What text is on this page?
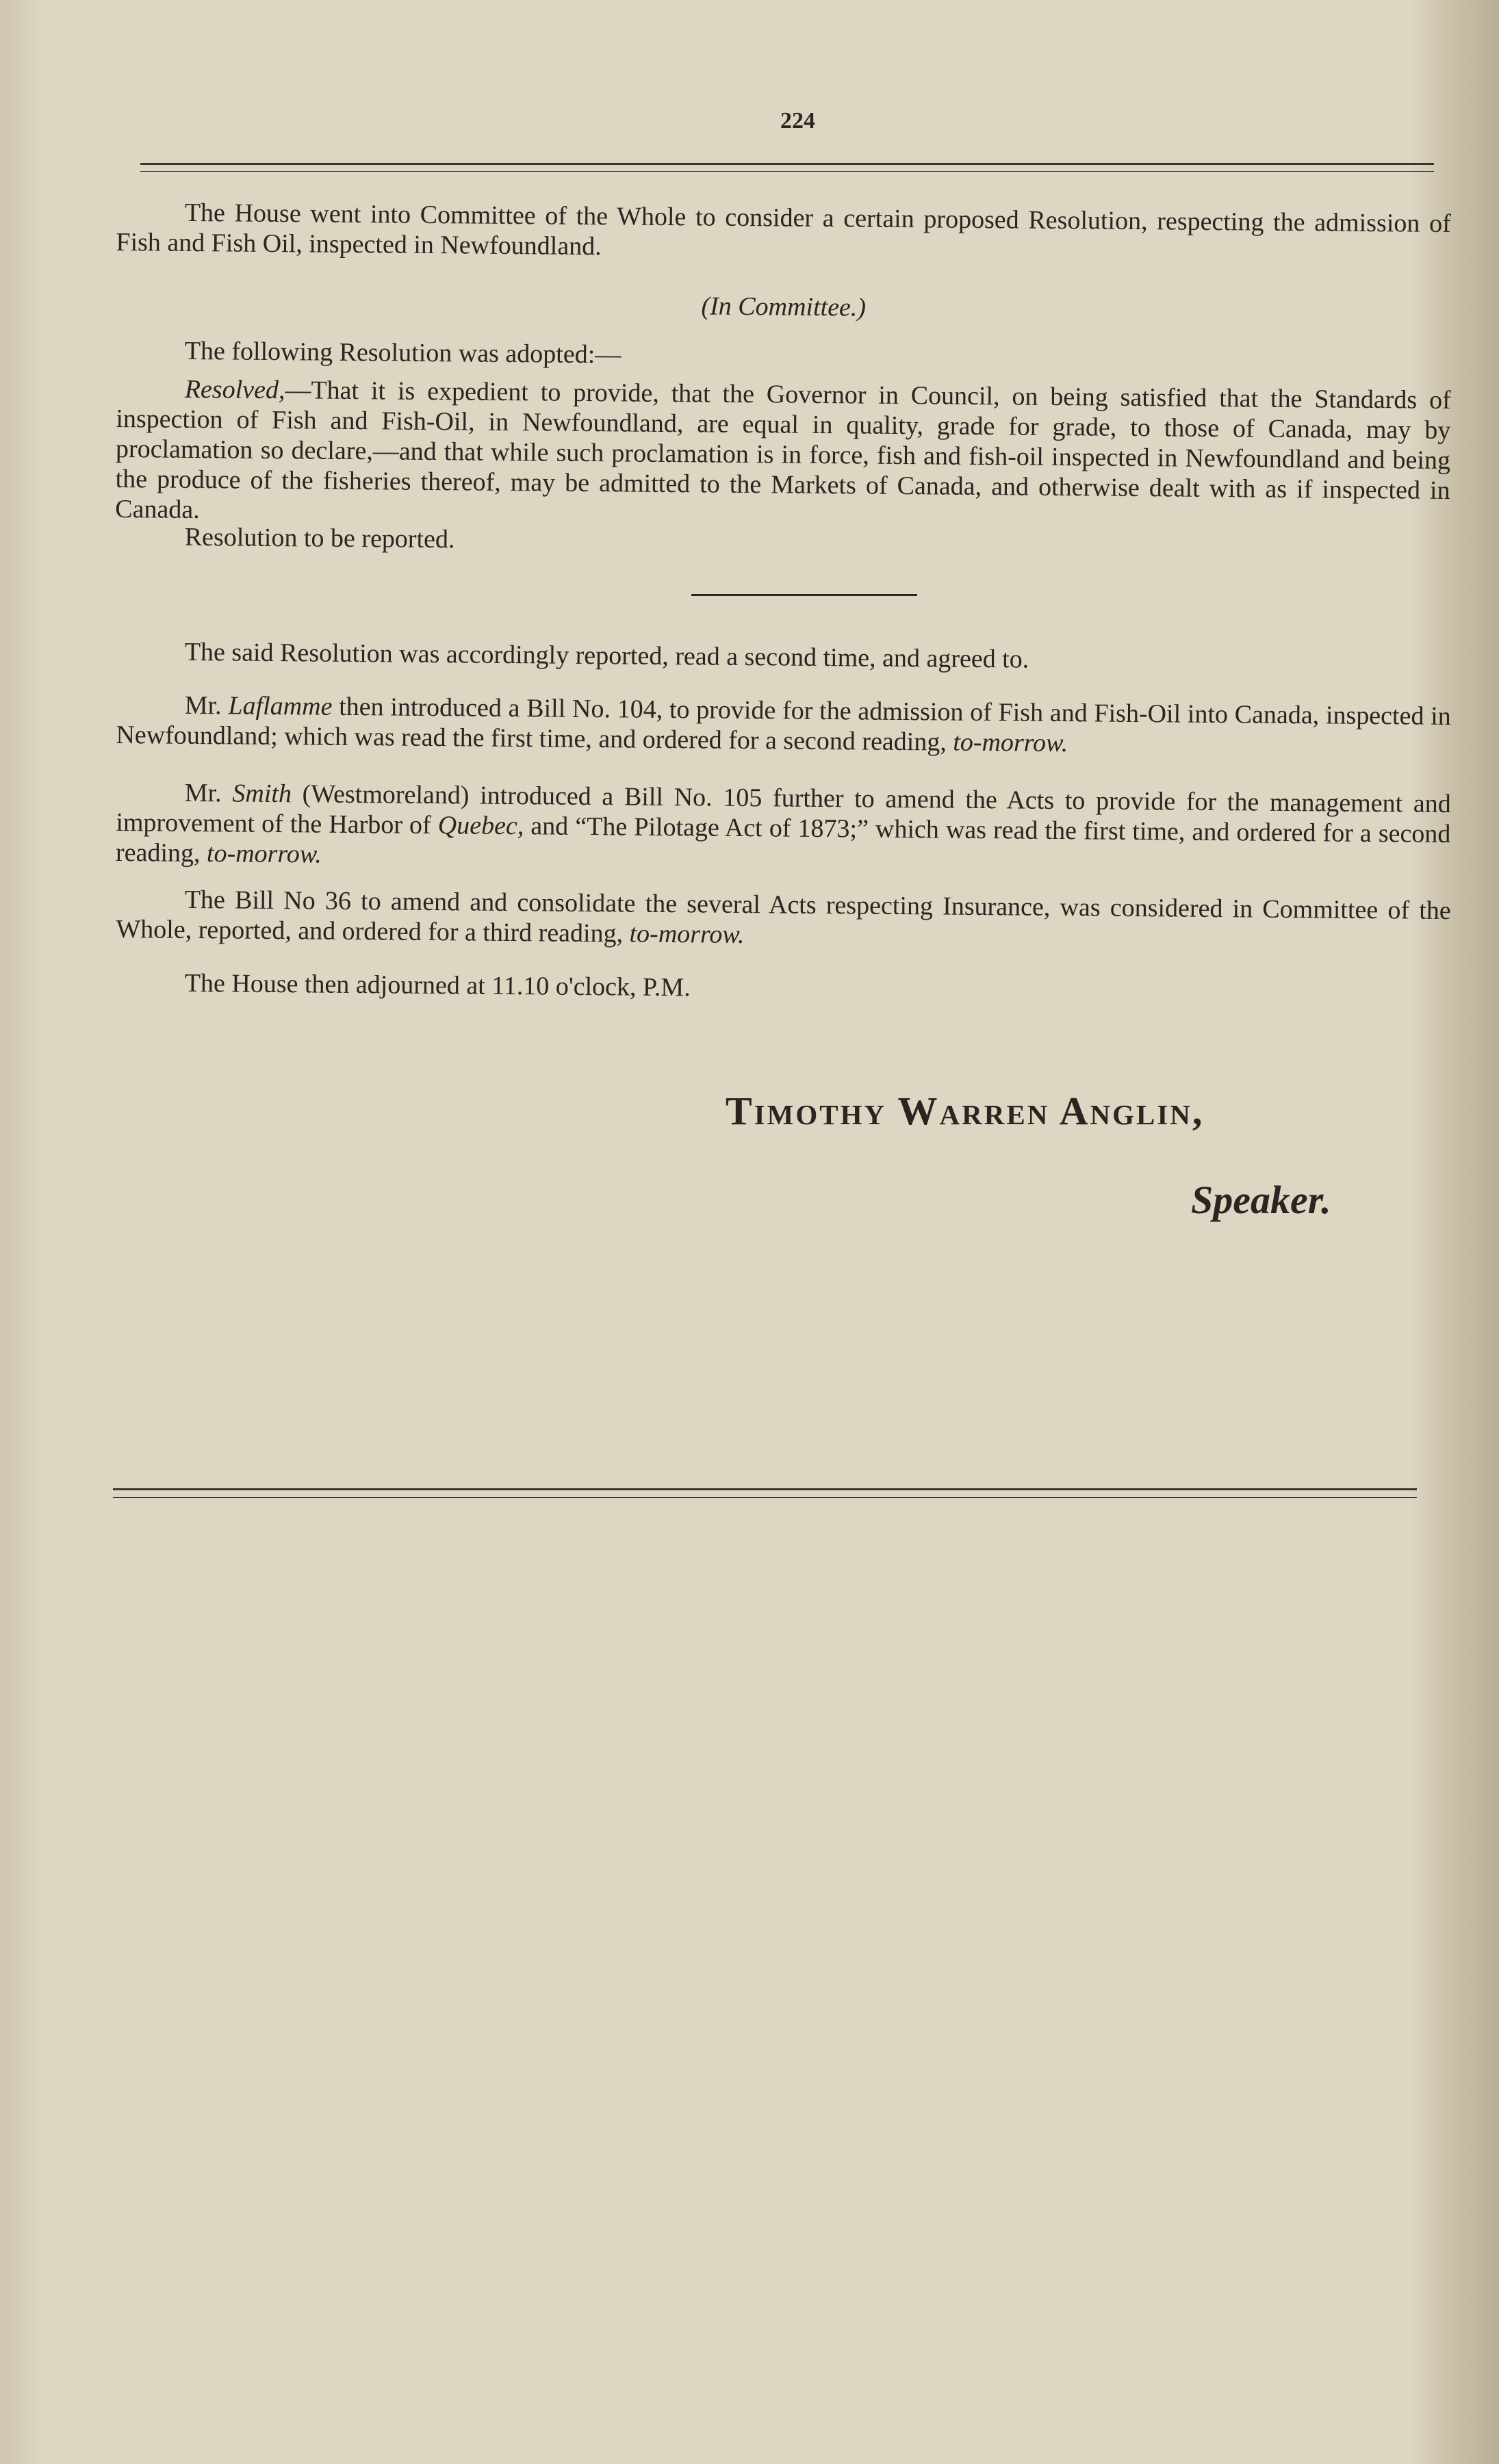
224
The House went into Committee of the Whole to consider a certain proposed Resolution, respecting the admission of Fish and Fish Oil, inspected in Newfoundland.
(In Committee.)
The following Resolution was adopted:—
Resolved,—That it is expedient to provide, that the Governor in Council, on being satisfied that the Standards of inspection of Fish and Fish-Oil, in Newfoundland, are equal in quality, grade for grade, to those of Canada, may by proclamation so declare,—and that while such proclamation is in force, fish and fish-oil inspected in Newfoundland and being the produce of the fisheries thereof, may be admitted to the Markets of Canada, and otherwise dealt with as if inspected in Canada.
Resolution to be reported.
The said Resolution was accordingly reported, read a second time, and agreed to.
Mr. Laflamme then introduced a Bill No. 104, to provide for the admission of Fish and Fish-Oil into Canada, inspected in Newfoundland; which was read the first time, and ordered for a second reading, to-morrow.
Mr. Smith (Westmoreland) introduced a Bill No. 105 further to amend the Acts to provide for the management and improvement of the Harbor of Quebec, and “The Pilotage Act of 1873;” which was read the first time, and ordered for a second reading, to-morrow.
The Bill No 36 to amend and consolidate the several Acts respecting Insurance, was considered in Committee of the Whole, reported, and ordered for a third reading, to-morrow.
The House then adjourned at 11.10 o'clock, P.M.
Timothy Warren Anglin,
Speaker.
